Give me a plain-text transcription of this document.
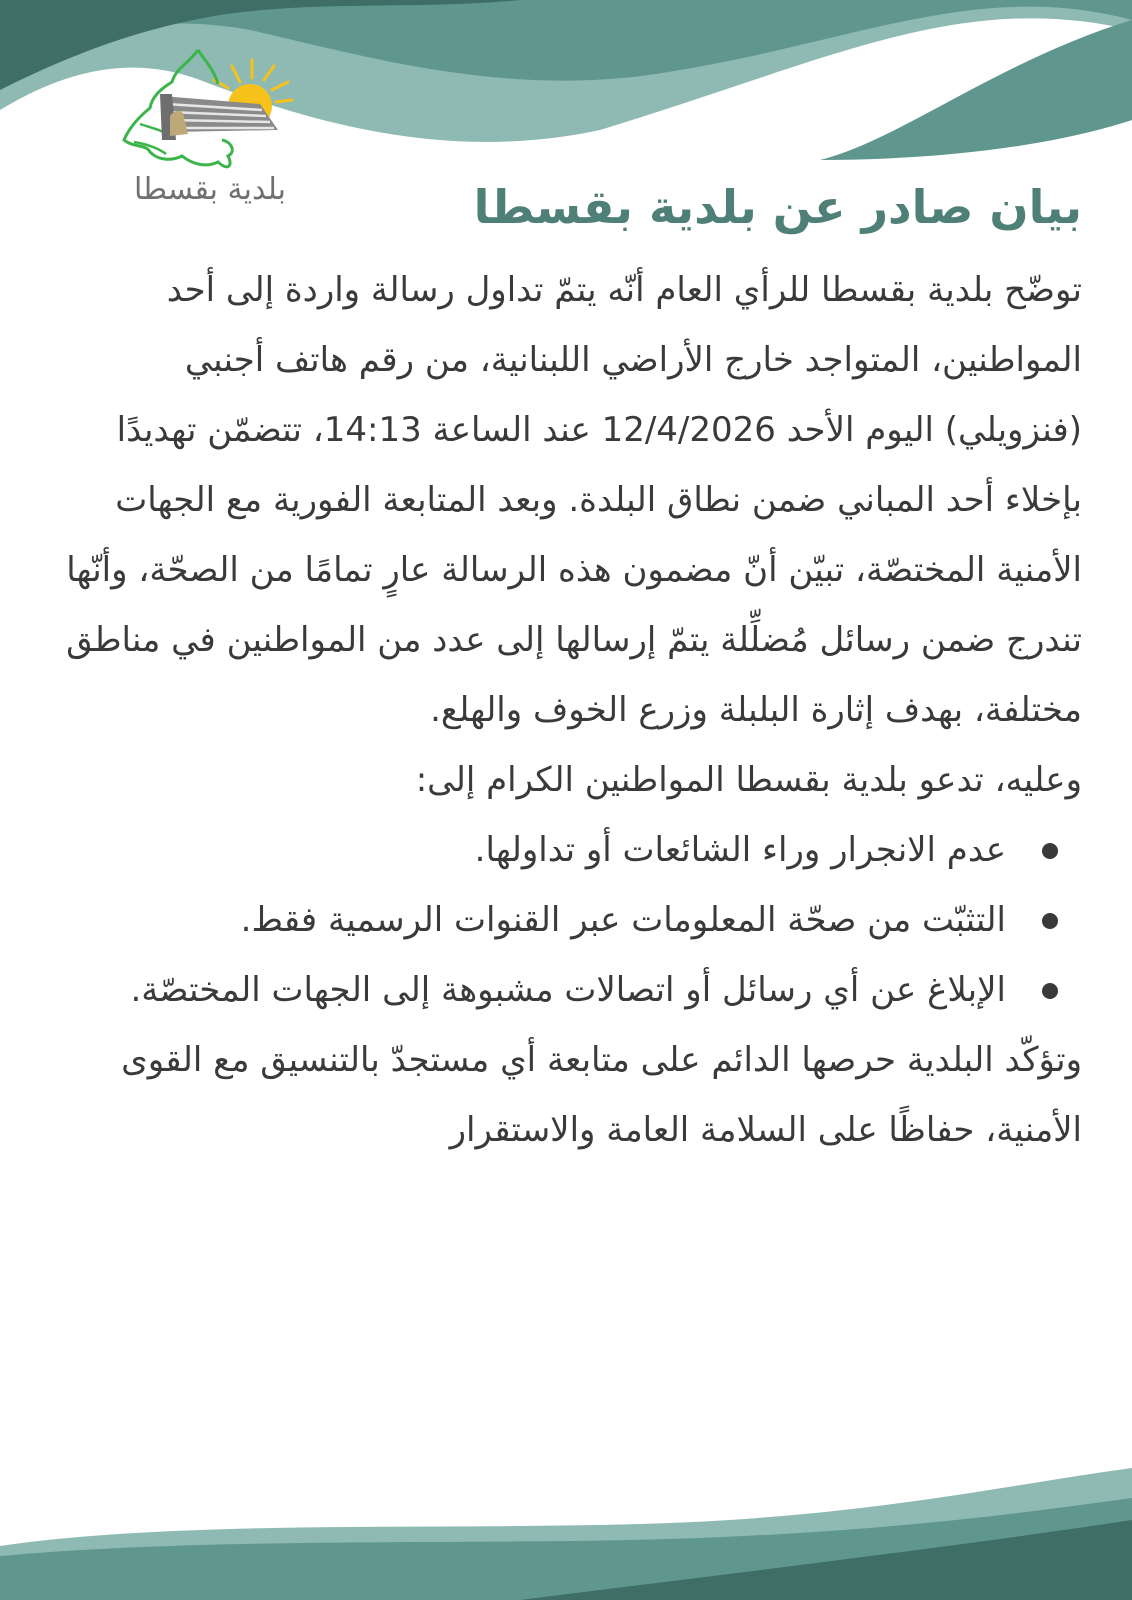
بلدية بقسطا	بيان صادر عن بلدية بقسطا

توضّح بلدية بقسطا للرأي العام أنّه يتمّ تداول رسالة واردة إلى أحد المواطنين، المتواجد خارج الأراضي اللبنانية، من رقم هاتف أجنبي (فنزويلي) اليوم الأحد 12/4/2026 عند الساعة 14:13، تتضمّن تهديدًا بإخلاء أحد المباني ضمن نطاق البلدة. وبعد المتابعة الفورية مع الجهات الأمنية المختصّة، تبيّن أنّ مضمون هذه الرسالة عارٍ تمامًا من الصحّة، وأنّها تندرج ضمن رسائل مُضلِّلة يتمّ إرسالها إلى عدد من المواطنين في مناطق مختلفة، بهدف إثارة البلبلة وزرع الخوف والهلع.

وعليه، تدعو بلدية بقسطا المواطنين الكرام إلى:

عدم الانجرار وراء الشائعات أو تداولها.
التثبّت من صحّة المعلومات عبر القنوات الرسمية فقط.
الإبلاغ عن أي رسائل أو اتصالات مشبوهة إلى الجهات المختصّة.

وتؤكّد البلدية حرصها الدائم على متابعة أي مستجدّ بالتنسيق مع القوى الأمنية، حفاظًا على السلامة العامة والاستقرار
